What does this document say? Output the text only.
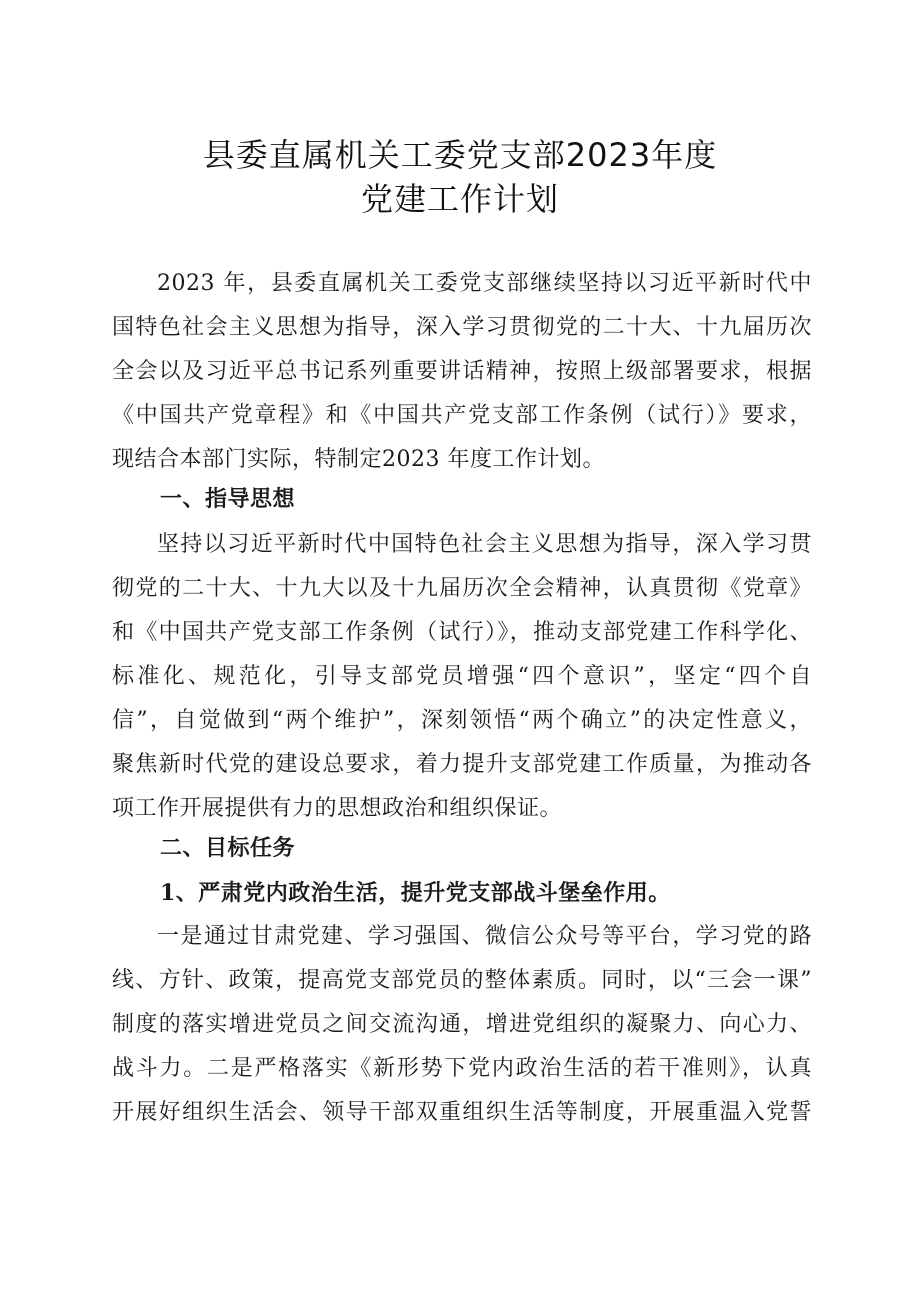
县委直属机关工委党支部2023年度
党建工作计划
2023 年，县委直属机关工委党支部继续坚持以习近平新时代中
国特色社会主义思想为指导，深入学习贯彻党的二十大、十九届历次
全会以及习近平总书记系列重要讲话精神，按照上级部署要求，根据
《中国共产党章程》和《中国共产党支部工作条例（试行）》要求，
现结合本部门实际，特制定2023 年度工作计划。
一、指导思想
坚持以习近平新时代中国特色社会主义思想为指导，深入学习贯
彻党的二十大、十九大以及十九届历次全会精神，认真贯彻《党章》
和《中国共产党支部工作条例（试行）》，推动支部党建工作科学化、
标准化、规范化，引导支部党员增强“四个意识”，坚定“四个自
信”，自觉做到“两个维护”，深刻领悟“两个确立”的决定性意义，
聚焦新时代党的建设总要求，着力提升支部党建工作质量，为推动各
项工作开展提供有力的思想政治和组织保证。
二、目标任务
1、严肃党内政治生活，提升党支部战斗堡垒作用。
一是通过甘肃党建、学习强国、微信公众号等平台，学习党的路
线、方针、政策，提高党支部党员的整体素质。同时，以“三会一课”
制度的落实增进党员之间交流沟通，增进党组织的凝聚力、向心力、
战斗力。二是严格落实《新形势下党内政治生活的若干准则》，认真
开展好组织生活会、领导干部双重组织生活等制度，开展重温入党誓
